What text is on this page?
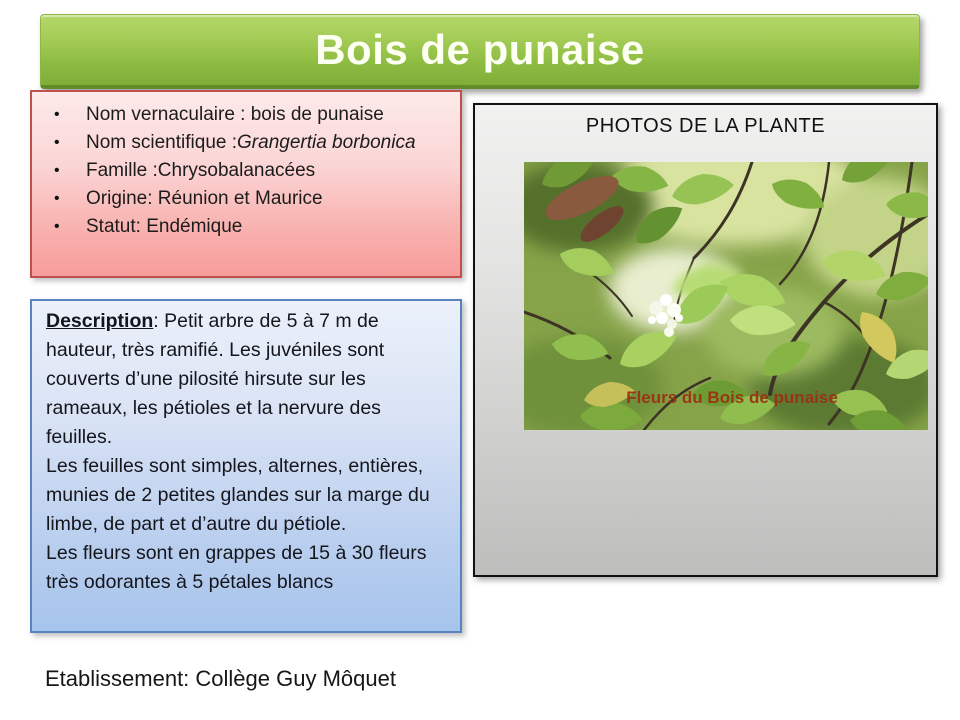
Bois de punaise
•	Nom vernaculaire : bois de punaise
•	Nom scientifique :Grangertia borbonica
•	Famille :Chrysobalanacées
•	Origine: Réunion et Maurice
•	Statut: Endémique

Description: Petit arbre de 5 à 7 m de hauteur, très ramifié. Les juvéniles sont couverts d’une pilosité hirsute sur les rameaux, les pétioles et la nervure des feuilles.

Les feuilles sont simples, alternes, entières, munies de 2 petites glandes sur la marge du limbe, de part et d’autre du pétiole.

Les fleurs sont en grappes de 15 à 30 fleurs très odorantes à 5 pétales blancs

PHOTOS DE LA PLANTE
Fleurs du Bois de punaise
Etablissement: Collège Guy Môquet
